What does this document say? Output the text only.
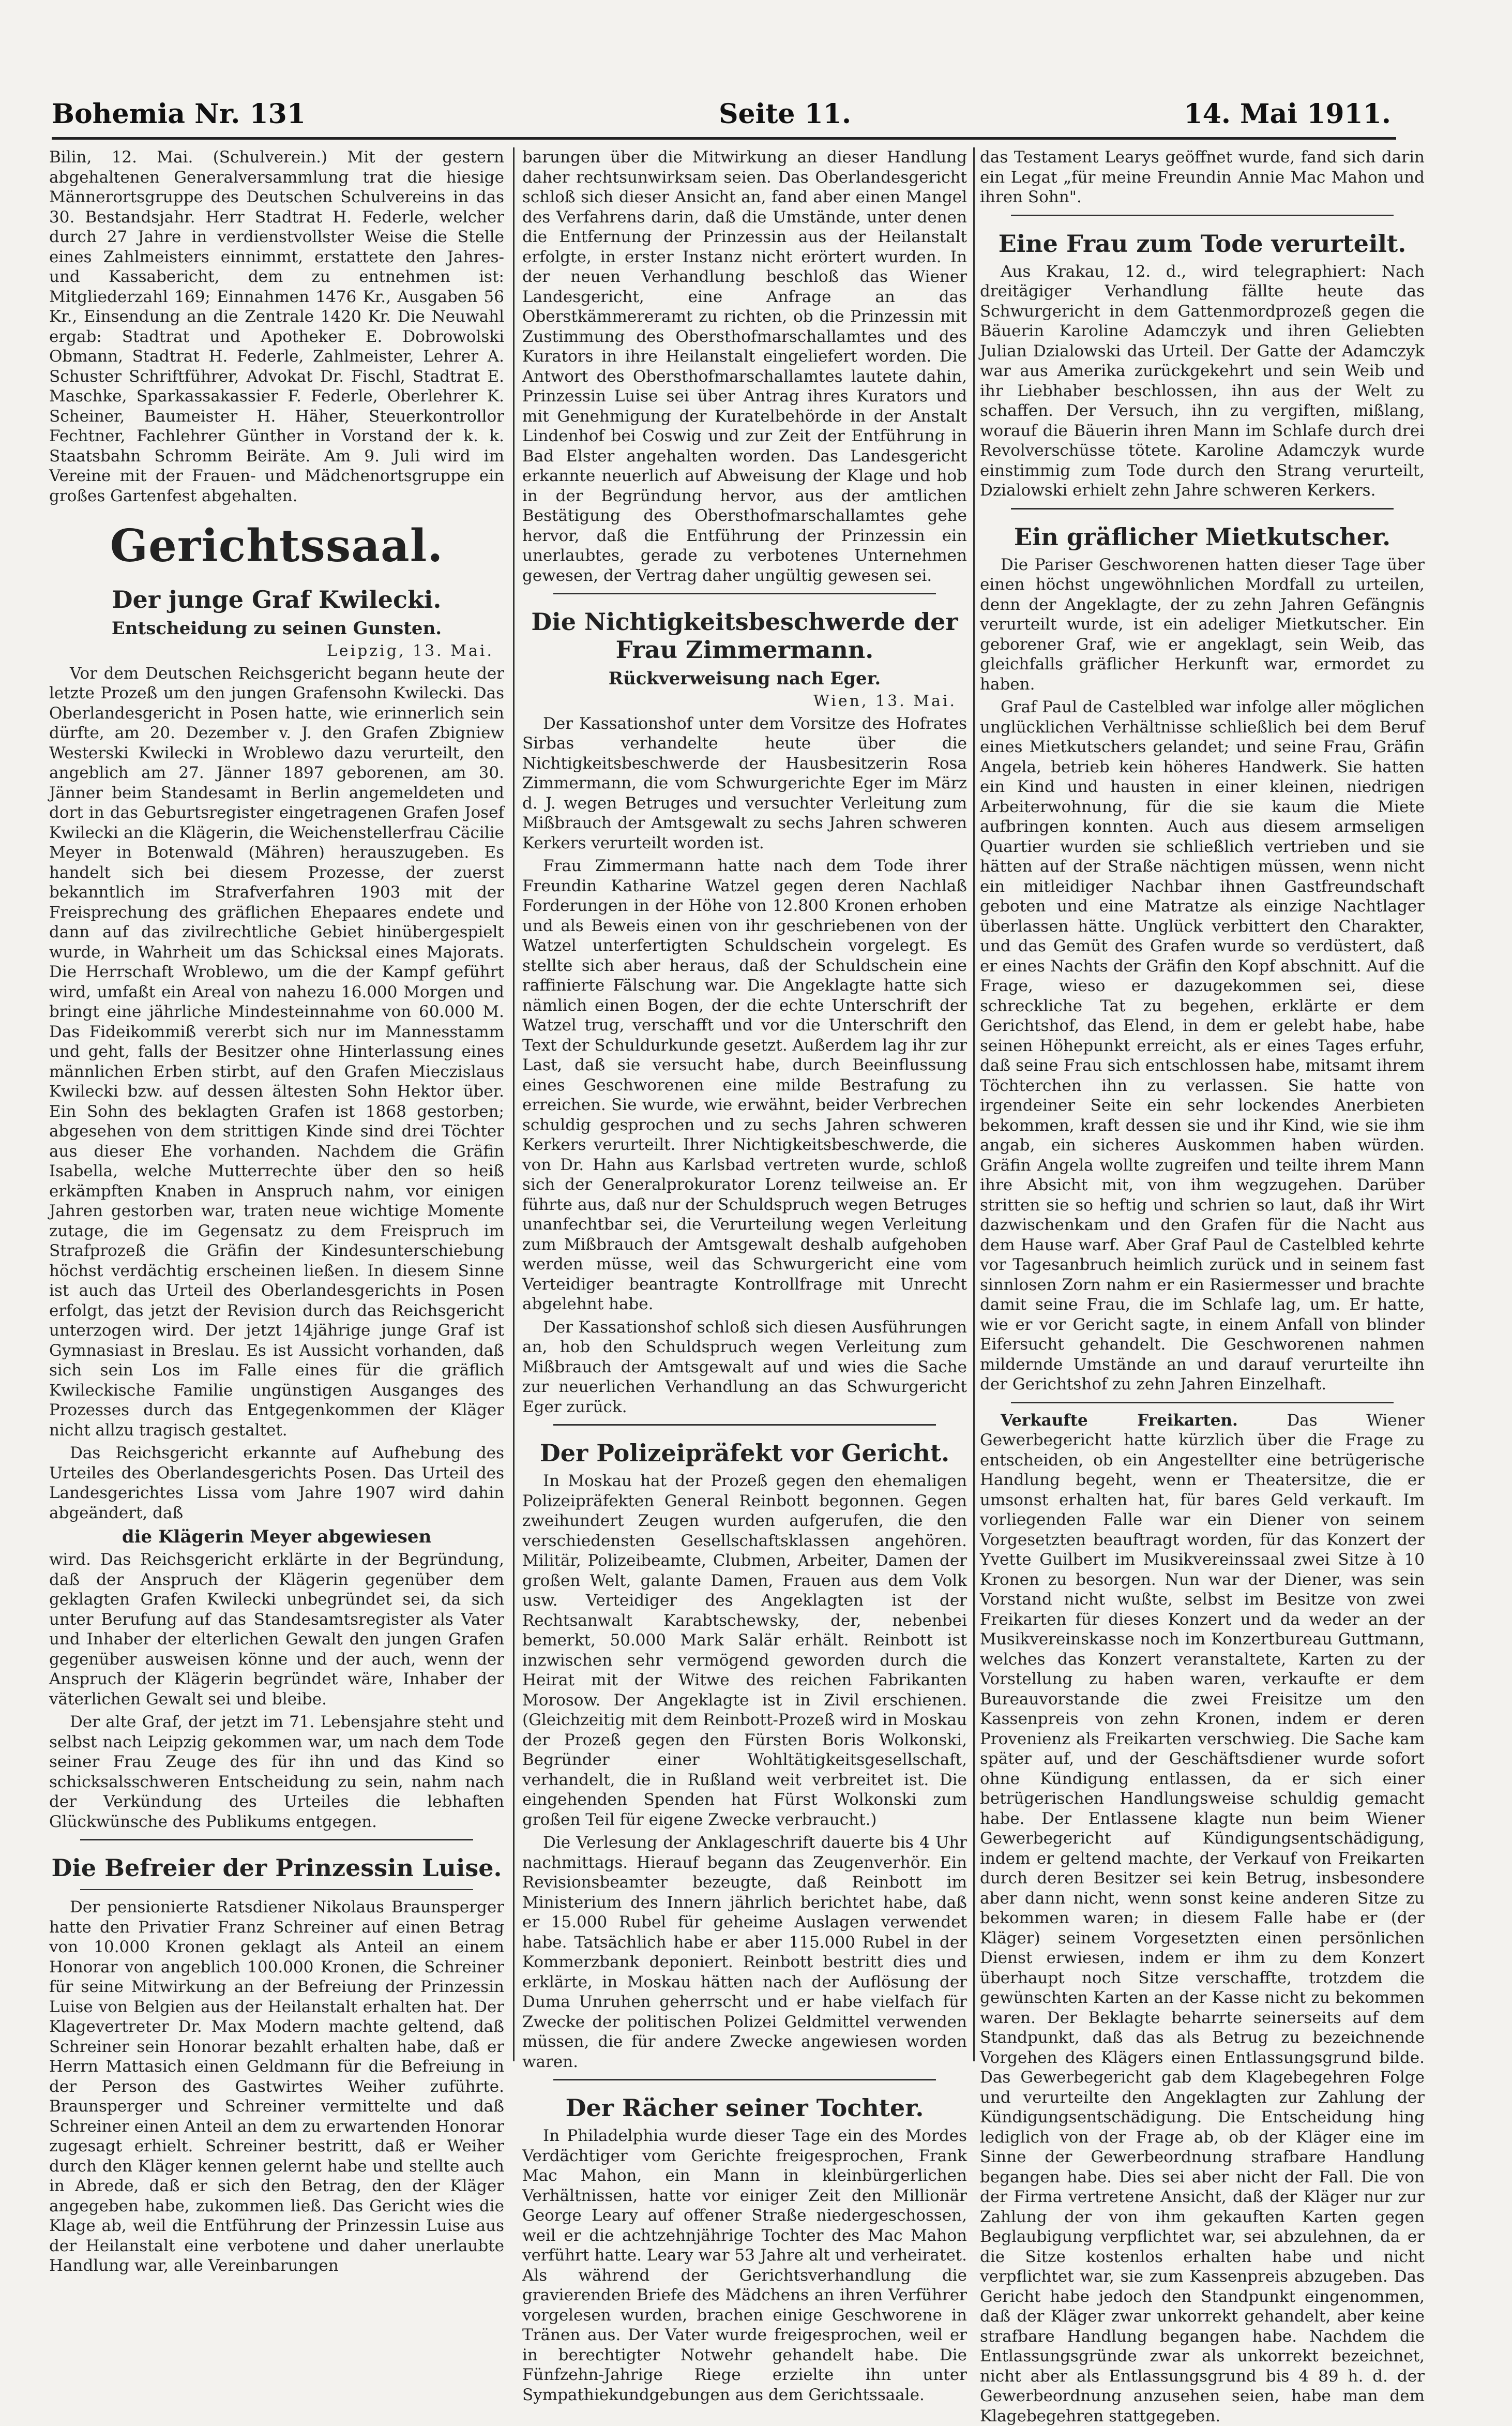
Bohemia Nr. 131	Seite 11.	14. Mai 1911.

Bilin, 12. Mai. (Schulverein.) Mit der gestern abgehaltenen Generalversammlung trat die hiesige Männerortsgruppe des Deutschen Schulvereins in das 30. Bestandsjahr. Herr Stadtrat H. Federle, welcher durch 27 Jahre in verdienstvollster Weise die Stelle eines Zahlmeisters einnimmt, erstattete den Jahres- und Kassabericht, dem zu entnehmen ist: Mitgliederzahl 169; Einnahmen 1476 Kr., Ausgaben 56 Kr., Einsendung an die Zentrale 1420 Kr. Die Neuwahl ergab: Stadtrat und Apotheker E. Dobrowolski Obmann, Stadtrat H. Federle, Zahlmeister, Lehrer A. Schuster Schriftführer, Advokat Dr. Fischl, Stadtrat E. Maschke, Sparkassakassier F. Federle, Oberlehrer K. Scheiner, Baumeister H. Häher, Steuerkontrollor Fechtner, Fachlehrer Günther in Vorstand der k. k. Staatsbahn Schromm Beiräte. Am 9. Juli wird im Vereine mit der Frauen- und Mädchenortsgruppe ein großes Gartenfest abgehalten.

Gerichtssaal.
Der junge Graf Kwilecki.
Entscheidung zu seinen Gunsten.
Leipzig, 13. Mai.

Vor dem Deutschen Reichsgericht begann heute der letzte Prozeß um den jungen Grafensohn Kwilecki. Das Oberlandesgericht in Posen hatte, wie erinnerlich sein dürfte, am 20. Dezember v. J. den Grafen Zbigniew Westerski Kwilecki in Wroblewo dazu verurteilt, den angeblich am 27. Jänner 1897 geborenen, am 30. Jänner beim Standesamt in Berlin angemeldeten und dort in das Geburtsregister eingetragenen Grafen Josef Kwilecki an die Klägerin, die Weichenstellerfrau Cäcilie Meyer in Botenwald (Mähren) herauszugeben. Es handelt sich bei diesem Prozesse, der zuerst bekanntlich im Strafverfahren 1903 mit der Freisprechung des gräflichen Ehepaares endete und dann auf das zivilrechtliche Gebiet hinübergespielt wurde, in Wahrheit um das Schicksal eines Majorats. Die Herrschaft Wroblewo, um die der Kampf geführt wird, umfaßt ein Areal von nahezu 16.000 Morgen und bringt eine jährliche Mindesteinnahme von 60.000 M. Das Fideikommiß vererbt sich nur im Mannesstamm und geht, falls der Besitzer ohne Hinterlassung eines männlichen Erben stirbt, auf den Grafen Mieczislaus Kwilecki bzw. auf dessen ältesten Sohn Hektor über. Ein Sohn des beklagten Grafen ist 1868 gestorben; abgesehen von dem strittigen Kinde sind drei Töchter aus dieser Ehe vorhanden. Nachdem die Gräfin Isabella, welche Mutterrechte über den so heiß erkämpften Knaben in Anspruch nahm, vor einigen Jahren gestorben war, traten neue wichtige Momente zutage, die im Gegensatz zu dem Freispruch im Strafprozeß die Gräfin der Kindesunterschiebung höchst verdächtig erscheinen ließen. In diesem Sinne ist auch das Urteil des Oberlandesgerichts in Posen erfolgt, das jetzt der Revision durch das Reichsgericht unterzogen wird. Der jetzt 14jährige junge Graf ist Gymnasiast in Breslau. Es ist Aussicht vorhanden, daß sich sein Los im Falle eines für die gräflich Kwileckische Familie ungünstigen Ausganges des Prozesses durch das Entgegenkommen der Kläger nicht allzu tragisch gestaltet.

Das Reichsgericht erkannte auf Aufhebung des Urteiles des Oberlandesgerichts Posen. Das Urteil des Landesgerichtes Lissa vom Jahre 1907 wird dahin abgeändert, daß

die Klägerin Meyer abgewiesen

wird. Das Reichsgericht erklärte in der Begründung, daß der Anspruch der Klägerin gegenüber dem geklagten Grafen Kwilecki unbegründet sei, da sich unter Berufung auf das Standesamtsregister als Vater und Inhaber der elterlichen Gewalt den jungen Grafen gegenüber ausweisen könne und der auch, wenn der Anspruch der Klägerin begründet wäre, Inhaber der väterlichen Gewalt sei und bleibe.

Der alte Graf, der jetzt im 71. Lebensjahre steht und selbst nach Leipzig gekommen war, um nach dem Tode seiner Frau Zeuge des für ihn und das Kind so schicksalsschweren Entscheidung zu sein, nahm nach der Verkündung des Urteiles die lebhaften Glückwünsche des Publikums entgegen.

Die Befreier der Prinzessin Luise.

Der pensionierte Ratsdiener Nikolaus Braunsperger hatte den Privatier Franz Schreiner auf einen Betrag von 10.000 Kronen geklagt als Anteil an einem Honorar von angeblich 100.000 Kronen, die Schreiner für seine Mitwirkung an der Befreiung der Prinzessin Luise von Belgien aus der Heilanstalt erhalten hat. Der Klagevertreter Dr. Max Modern machte geltend, daß Schreiner sein Honorar bezahlt erhalten habe, daß er Herrn Mattasich einen Geldmann für die Befreiung in der Person des Gastwirtes Weiher zuführte. Braunsperger und Schreiner vermittelte und daß Schreiner einen Anteil an dem zu erwartenden Honorar zugesagt erhielt. Schreiner bestritt, daß er Weiher durch den Kläger kennen gelernt habe und stellte auch in Abrede, daß er sich den Betrag, den der Kläger angegeben habe, zukommen ließ. Das Gericht wies die Klage ab, weil die Entführung der Prinzessin Luise aus der Heilanstalt eine verbotene und daher unerlaubte Handlung war, alle Vereinbarungen

barungen über die Mitwirkung an dieser Handlung daher rechtsunwirksam seien. Das Oberlandesgericht schloß sich dieser Ansicht an, fand aber einen Mangel des Verfahrens darin, daß die Umstände, unter denen die Entfernung der Prinzessin aus der Heilanstalt erfolgte, in erster Instanz nicht erörtert wurden. In der neuen Verhandlung beschloß das Wiener Landesgericht, eine Anfrage an das Oberstkämmereramt zu richten, ob die Prinzessin mit Zustimmung des Obersthofmarschallamtes und des Kurators in ihre Heilanstalt eingeliefert worden. Die Antwort des Obersthofmarschallamtes lautete dahin, Prinzessin Luise sei über Antrag ihres Kurators und mit Genehmigung der Kuratelbehörde in der Anstalt Lindenhof bei Coswig und zur Zeit der Entführung in Bad Elster angehalten worden. Das Landesgericht erkannte neuerlich auf Abweisung der Klage und hob in der Begründung hervor, aus der amtlichen Bestätigung des Obersthofmarschallamtes gehe hervor, daß die Entführung der Prinzessin ein unerlaubtes, gerade zu verbotenes Unternehmen gewesen, der Vertrag daher ungültig gewesen sei.

Die Nichtigkeitsbeschwerde der Frau Zimmermann.
Rückverweisung nach Eger.
Wien, 13. Mai.

Der Kassationshof unter dem Vorsitze des Hofrates Sirbas verhandelte heute über die Nichtigkeitsbeschwerde der Hausbesitzerin Rosa Zimmermann, die vom Schwurgerichte Eger im März d. J. wegen Betruges und versuchter Verleitung zum Mißbrauch der Amtsgewalt zu sechs Jahren schweren Kerkers verurteilt worden ist.

Frau Zimmermann hatte nach dem Tode ihrer Freundin Katharine Watzel gegen deren Nachlaß Forderungen in der Höhe von 12.800 Kronen erhoben und als Beweis einen von ihr geschriebenen von der Watzel unterfertigten Schuldschein vorgelegt. Es stellte sich aber heraus, daß der Schuldschein eine raffinierte Fälschung war. Die Angeklagte hatte sich nämlich einen Bogen, der die echte Unterschrift der Watzel trug, verschafft und vor die Unterschrift den Text der Schuldurkunde gesetzt. Außerdem lag ihr zur Last, daß sie versucht habe, durch Beeinflussung eines Geschworenen eine milde Bestrafung zu erreichen. Sie wurde, wie erwähnt, beider Verbrechen schuldig gesprochen und zu sechs Jahren schweren Kerkers verurteilt. Ihrer Nichtigkeitsbeschwerde, die von Dr. Hahn aus Karlsbad vertreten wurde, schloß sich der Generalprokurator Lorenz teilweise an. Er führte aus, daß nur der Schuldspruch wegen Betruges unanfechtbar sei, die Verurteilung wegen Verleitung zum Mißbrauch der Amtsgewalt deshalb aufgehoben werden müsse, weil das Schwurgericht eine vom Verteidiger beantragte Kontrollfrage mit Unrecht abgelehnt habe.

Der Kassationshof schloß sich diesen Ausführungen an, hob den Schuldspruch wegen Verleitung zum Mißbrauch der Amtsgewalt auf und wies die Sache zur neuerlichen Verhandlung an das Schwurgericht Eger zurück.

Der Polizeipräfekt vor Gericht.

In Moskau hat der Prozeß gegen den ehemaligen Polizeipräfekten General Reinbott begonnen. Gegen zweihundert Zeugen wurden aufgerufen, die den verschiedensten Gesellschaftsklassen angehören. Militär, Polizeibeamte, Clubmen, Arbeiter, Damen der großen Welt, galante Damen, Frauen aus dem Volk usw. Verteidiger des Angeklagten ist der Rechtsanwalt Karabtschewsky, der, nebenbei bemerkt, 50.000 Mark Salär erhält. Reinbott ist inzwischen sehr vermögend geworden durch die Heirat mit der Witwe des reichen Fabrikanten Morosow. Der Angeklagte ist in Zivil erschienen. (Gleichzeitig mit dem Reinbott-Prozeß wird in Moskau der Prozeß gegen den Fürsten Boris Wolkonski, Begründer einer Wohltätigkeitsgesellschaft, verhandelt, die in Rußland weit verbreitet ist. Die eingehenden Spenden hat Fürst Wolkonski zum großen Teil für eigene Zwecke verbraucht.)

Die Verlesung der Anklageschrift dauerte bis 4 Uhr nachmittags. Hierauf begann das Zeugenverhör. Ein Revisionsbeamter bezeugte, daß Reinbott im Ministerium des Innern jährlich berichtet habe, daß er 15.000 Rubel für geheime Auslagen verwendet habe. Tatsächlich habe er aber 115.000 Rubel in der Kommerzbank deponiert. Reinbott bestritt dies und erklärte, in Moskau hätten nach der Auflösung der Duma Unruhen geherrscht und er habe vielfach für Zwecke der politischen Polizei Geldmittel verwenden müssen, die für andere Zwecke angewiesen worden waren.

Der Rächer seiner Tochter.

In Philadelphia wurde dieser Tage ein des Mordes Verdächtiger vom Gerichte freigesprochen, Frank Mac Mahon, ein Mann in kleinbürgerlichen Verhältnissen, hatte vor einiger Zeit den Millionär George Leary auf offener Straße niedergeschossen, weil er die achtzehnjährige Tochter des Mac Mahon verführt hatte. Leary war 53 Jahre alt und verheiratet. Als während der Gerichtsverhandlung die gravierenden Briefe des Mädchens an ihren Verführer vorgelesen wurden, brachen einige Geschworene in Tränen aus. Der Vater wurde freigesprochen, weil er in berechtigter Notwehr gehandelt habe. Die Fünfzehn-Jahrige Riege erzielte ihn unter Sympathiekundgebungen aus dem Gerichtssaale.

das Testament Learys geöffnet wurde, fand sich darin ein Legat „für meine Freundin Annie Mac Mahon und ihren Sohn".

Eine Frau zum Tode verurteilt.

Aus Krakau, 12. d., wird telegraphiert: Nach dreitägiger Verhandlung fällte heute das Schwurgericht in dem Gattenmordprozeß gegen die Bäuerin Karoline Adamczyk und ihren Geliebten Julian Dzialowski das Urteil. Der Gatte der Adamczyk war aus Amerika zurückgekehrt und sein Weib und ihr Liebhaber beschlossen, ihn aus der Welt zu schaffen. Der Versuch, ihn zu vergiften, mißlang, worauf die Bäuerin ihren Mann im Schlafe durch drei Revolverschüsse tötete. Karoline Adamczyk wurde einstimmig zum Tode durch den Strang verurteilt, Dzialowski erhielt zehn Jahre schweren Kerkers.

Ein gräflicher Mietkutscher.

Die Pariser Geschworenen hatten dieser Tage über einen höchst ungewöhnlichen Mordfall zu urteilen, denn der Angeklagte, der zu zehn Jahren Gefängnis verurteilt wurde, ist ein adeliger Mietkutscher. Ein geborener Graf, wie er angeklagt, sein Weib, das gleichfalls gräflicher Herkunft war, ermordet zu haben.

Graf Paul de Castelbled war infolge aller möglichen unglücklichen Verhältnisse schließlich bei dem Beruf eines Mietkutschers gelandet; und seine Frau, Gräfin Angela, betrieb kein höheres Handwerk. Sie hatten ein Kind und hausten in einer kleinen, niedrigen Arbeiterwohnung, für die sie kaum die Miete aufbringen konnten. Auch aus diesem armseligen Quartier wurden sie schließlich vertrieben und sie hätten auf der Straße nächtigen müssen, wenn nicht ein mitleidiger Nachbar ihnen Gastfreundschaft geboten und eine Matratze als einzige Nachtlager überlassen hätte. Unglück verbittert den Charakter, und das Gemüt des Grafen wurde so verdüstert, daß er eines Nachts der Gräfin den Kopf abschnitt. Auf die Frage, wieso er dazugekommen sei, diese schreckliche Tat zu begehen, erklärte er dem Gerichtshof, das Elend, in dem er gelebt habe, habe seinen Höhepunkt erreicht, als er eines Tages erfuhr, daß seine Frau sich entschlossen habe, mitsamt ihrem Töchterchen ihn zu verlassen. Sie hatte von irgendeiner Seite ein sehr lockendes Anerbieten bekommen, kraft dessen sie und ihr Kind, wie sie ihm angab, ein sicheres Auskommen haben würden. Gräfin Angela wollte zugreifen und teilte ihrem Mann ihre Absicht mit, von ihm wegzugehen. Darüber stritten sie so heftig und schrien so laut, daß ihr Wirt dazwischenkam und den Grafen für die Nacht aus dem Hause warf. Aber Graf Paul de Castelbled kehrte vor Tagesanbruch heimlich zurück und in seinem fast sinnlosen Zorn nahm er ein Rasiermesser und brachte damit seine Frau, die im Schlafe lag, um. Er hatte, wie er vor Gericht sagte, in einem Anfall von blinder Eifersucht gehandelt. Die Geschworenen nahmen mildernde Umstände an und darauf verurteilte ihn der Gerichtshof zu zehn Jahren Einzelhaft.

Verkaufte Freikarten.	Das Wiener Gewerbegericht hatte kürzlich über die Frage zu entscheiden, ob ein Angestellter eine betrügerische Handlung begeht, wenn er Theatersitze, die er umsonst erhalten hat, für bares Geld verkauft. Im vorliegenden Falle war ein Diener von seinem Vorgesetzten beauftragt worden, für das Konzert der Yvette Guilbert im Musikvereinssaal zwei Sitze à 10 Kronen zu besorgen. Nun war der Diener, was sein Vorstand nicht wußte, selbst im Besitze von zwei Freikarten für dieses Konzert und da weder an der Musikvereinskasse noch im Konzertbureau Guttmann, welches das Konzert veranstaltete, Karten zu der Vorstellung zu haben waren, verkaufte er dem Bureauvorstande die zwei Freisitze um den Kassenpreis von zehn Kronen, indem er deren Provenienz als Freikarten verschwieg. Die Sache kam später auf, und der Geschäftsdiener wurde sofort ohne Kündigung entlassen, da er sich einer betrügerischen Handlungsweise schuldig gemacht habe. Der Entlassene klagte nun beim Wiener Gewerbegericht auf Kündigungsentschädigung, indem er geltend machte, der Verkauf von Freikarten durch deren Besitzer sei kein Betrug, insbesondere aber dann nicht, wenn sonst keine anderen Sitze zu bekommen waren; in diesem Falle habe er (der Kläger) seinem Vorgesetzten einen persönlichen Dienst erwiesen, indem er ihm zu dem Konzert überhaupt noch Sitze verschaffte, trotzdem die gewünschten Karten an der Kasse nicht zu bekommen waren. Der Beklagte beharrte seinerseits auf dem Standpunkt, daß das als Betrug zu bezeichnende Vorgehen des Klägers einen Entlassungsgrund bilde. Das Gewerbegericht gab dem Klagebegehren Folge und verurteilte den Angeklagten zur Zahlung der Kündigungsentschädigung. Die Entscheidung hing lediglich von der Frage ab, ob der Kläger eine im Sinne der Gewerbeordnung strafbare Handlung begangen habe. Dies sei aber nicht der Fall. Die von der Firma vertretene Ansicht, daß der Kläger nur zur Zahlung der von ihm gekauften Karten gegen Beglaubigung verpflichtet war, sei abzulehnen, da er die Sitze kostenlos erhalten habe und nicht verpflichtet war, sie zum Kassenpreis abzugeben. Das Gericht habe jedoch den Standpunkt eingenommen, daß der Kläger zwar unkorrekt gehandelt, aber keine strafbare Handlung begangen habe. Nachdem die Entlassungsgründe zwar als unkorrekt bezeichnet, nicht aber als Entlassungsgrund bis 4 89 h. d. der Gewerbeordnung anzusehen seien, habe man dem Klagebegehren stattgegeben.
